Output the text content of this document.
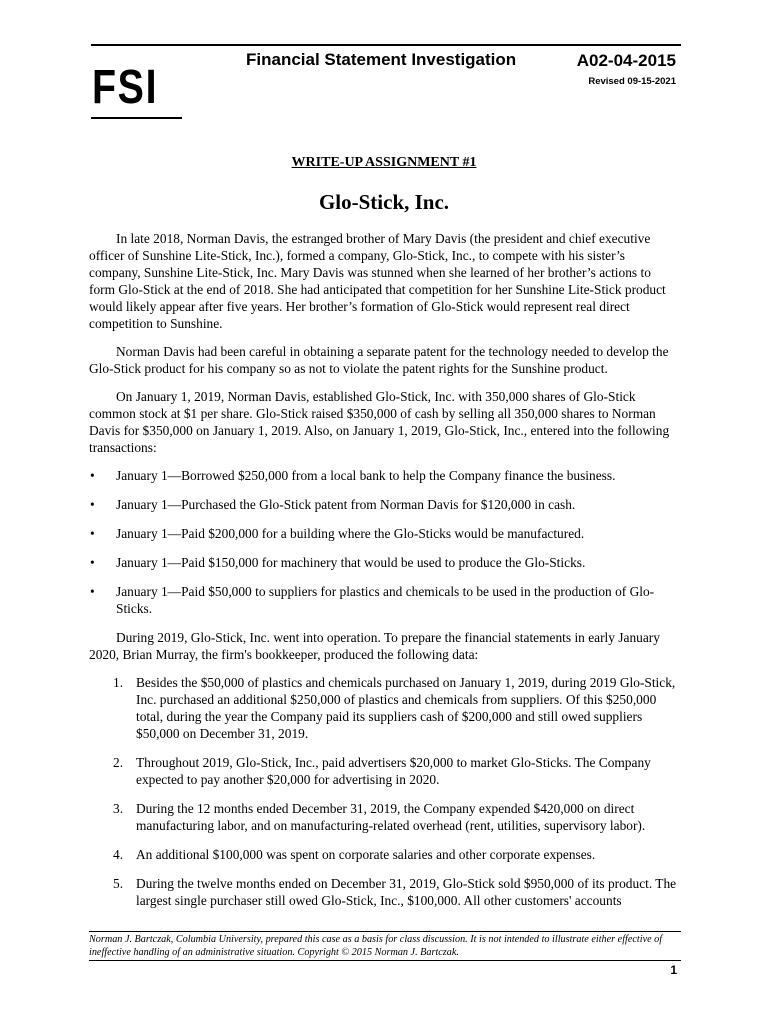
FSI
Financial Statement Investigation	A02-04-2015
Revised 09-15-2021
WRITE-UP ASSIGNMENT #1
Glo-Stick, Inc.

In late 2018, Norman Davis, the estranged brother of Mary Davis (the president and chief executive officer of Sunshine Lite-Stick, Inc.), formed a company, Glo-Stick, Inc., to compete with his sister’s company, Sunshine Lite-Stick, Inc. Mary Davis was stunned when she learned of her brother’s actions to form Glo-Stick at the end of 2018. She had anticipated that competition for her Sunshine Lite-Stick product would likely appear after five years. Her brother’s formation of Glo-Stick would represent real direct competition to Sunshine.

Norman Davis had been careful in obtaining a separate patent for the technology needed to develop the Glo-Stick product for his company so as not to violate the patent rights for the Sunshine product.

On January 1, 2019, Norman Davis, established Glo-Stick, Inc. with 350,000 shares of Glo-Stick common stock at $1 per share. Glo-Stick raised $350,000 of cash by selling all 350,000 shares to Norman Davis for $350,000 on January 1, 2019. Also, on January 1, 2019, Glo-Stick, Inc., entered into the following transactions:

• January 1—Borrowed $250,000 from a local bank to help the Company finance the business.
• January 1—Purchased the Glo-Stick patent from Norman Davis for $120,000 in cash.
• January 1—Paid $200,000 for a building where the Glo-Sticks would be manufactured.
• January 1—Paid $150,000 for machinery that would be used to produce the Glo-Sticks.
• January 1—Paid $50,000 to suppliers for plastics and chemicals to be used in the production of Glo-Sticks.

During 2019, Glo-Stick, Inc. went into operation. To prepare the financial statements in early January 2020, Brian Murray, the firm's bookkeeper, produced the following data:

1. Besides the $50,000 of plastics and chemicals purchased on January 1, 2019, during 2019 Glo-Stick, Inc. purchased an additional $250,000 of plastics and chemicals from suppliers. Of this $250,000 total, during the year the Company paid its suppliers cash of $200,000 and still owed suppliers $50,000 on December 31, 2019.
2. Throughout 2019, Glo-Stick, Inc., paid advertisers $20,000 to market Glo-Sticks. The Company expected to pay another $20,000 for advertising in 2020.
3. During the 12 months ended December 31, 2019, the Company expended $420,000 on direct manufacturing labor, and on manufacturing-related overhead (rent, utilities, supervisory labor).
4. An additional $100,000 was spent on corporate salaries and other corporate expenses.
5. During the twelve months ended on December 31, 2019, Glo-Stick sold $950,000 of its product. The largest single purchaser still owed Glo-Stick, Inc., $100,000. All other customers' accounts
Norman J. Bartczak, Columbia University, prepared this case as a basis for class discussion. It is not intended to illustrate either effective of ineffective handling of an administrative situation. Copyright © 2015 Norman J. Bartczak.
1
